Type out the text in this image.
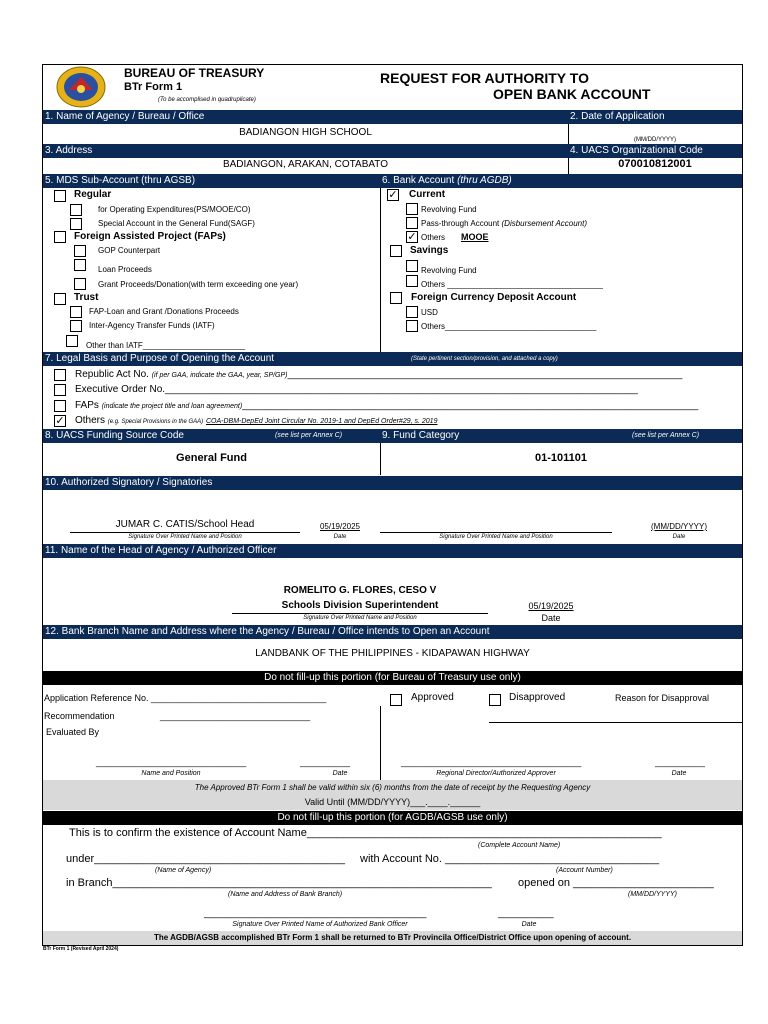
BUREAU OF TREASURY
BTr Form 1
(To be accomplised in quadruplicate)
REQUEST FOR AUTHORITY TO
OPEN BANK ACCOUNT
1. Name of Agency / Bureau / Office	2. Date of Application
BADIANGON HIGH SCHOOL
(MM/DD/YYYY)
3. Address	4. UACS Organizational Code
BADIANGON, ARAKAN, COTABATO	070010812001
5. MDS Sub-Account (thru AGSB)	6. Bank Account (thru AGDB)
Regular
for Operating Expenditures(PS/MOOE/CO)
Special Account in the General Fund(SAGF)
Foreign Assisted Project (FAPs)
GOP Counterpart
Loan Proceeds
Grant Proceeds/Donation(with term exceeding one year)
Trust
FAP-Loan and Grant /Donations Proceeds
Inter-Agency Transfer Funds (IATF)
Other than IATF_______________________
✓ Current
Revolving Fund
Pass-through Account (Disbursement Account)
✓ Others MOOE
Savings
Revolving Fund
Others ___________________________________
Foreign Currency Deposit Account
USD
Others__________________________________
7. Legal Basis and Purpose of Opening the Account	(State pertinent section/provision, and attached a copy)
Republic Act No. (if per GAA, indicate the GAA, year, SP/GP)_______________________________________________________________________
Executive Order No._____________________________________________________________________________________
FAPs (indicate the project title and loan agreement)__________________________________________________________________________________
✓ Others (e.g. Special Provisions in the GAA) COA-DBM-DepEd Joint Circular No. 2019-1 and DepEd Order#29, s. 2019
8. UACS Funding Source Code	(see list per Annex C)	9. Fund Category	(see list per Annex C)
General Fund	01-101101
10. Authorized Signatory / Signatories
JUMAR C. CATIS/School Head
Signature Over Printed Name and Position
05/19/2025
Date	Signature Over Printed Name and Position
(MM/DD/YYYY)
Date
11. Name of the Head of Agency / Authorized Officer
ROMELITO G. FLORES, CESO V
Schools Division Superintendent
Signature Over Printed Name and Position
05/19/2025
Date
12. Bank Branch Name and Address where the Agency / Bureau / Office intends to Open an Account
LANDBANK OF THE PHILIPPINES - KIDAPAWAN HIGHWAY
Do not fill-up this portion (for Bureau of Treasury use only)
Application Reference No. ___________________________________
Recommendation	______________________________
Evaluated By
Approved	Disapproved	Reason for Disapproval
______________________________	__________	____________________________________	__________
Name and Position	Date	Regional Director/Authorized Approver	Date
The Approved BTr Form 1 shall be valid within six (6) months from the date of receipt by the Requesting Agency
Valid Until (MM/DD/YYYY)___.____.______
Do not fill-up this portion (for AGDB/AGSB use only)
This is to confirm the existence of Account Name__________________________________________________________
(Complete Account Name)
under_________________________________________ with Account No. ___________________________________
(Name of Agency)	(Account Number)
in Branch______________________________________________________________ opened on _______________________
(Name and Address of Bank Branch)	(MM/DD/YYYY)
________________________________________	__________
Signature Over Printed Name of Authorized Bank Officer	Date
The AGDB/AGSB accomplished BTr Form 1 shall be returned to BTr Provincila Office/District Office upon opening of account.
BTr Form 1 (Revised April 2024)
